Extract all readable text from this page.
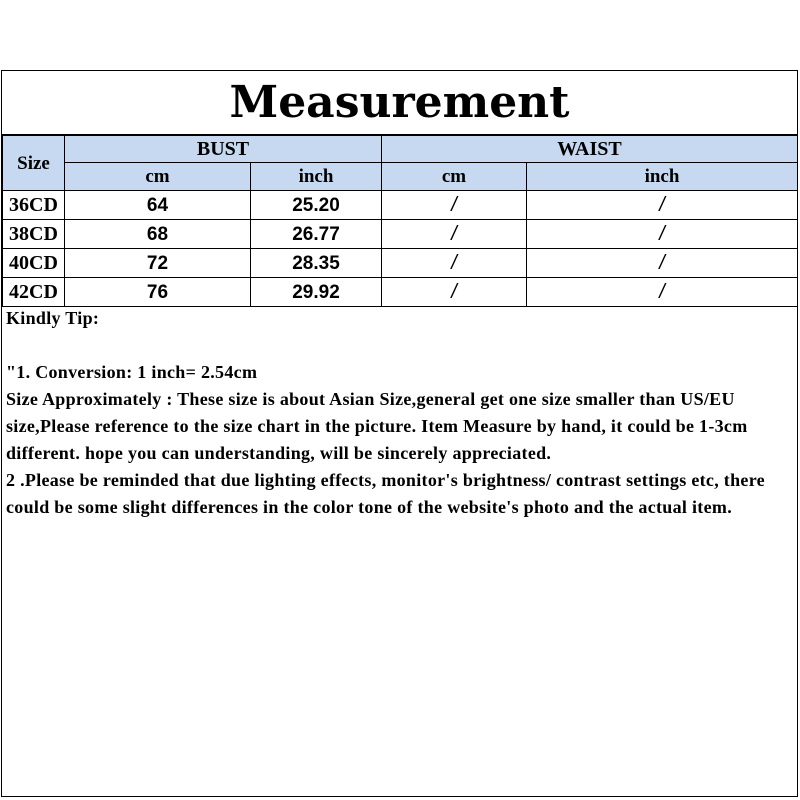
Measurement
Size	BUST		WAIST	
	cm	inch	cm	inch
36CD	64	25.20	/	/
38CD	68	26.77	/	/
40CD	72	28.35	/	/
42CD	76	29.92	/	/

Kindly Tip:

"1. Conversion: 1 inch= 2.54cm

Size Approximately : These size is about Asian Size,general get one size smaller than US/EU size,Please reference to the size chart in the picture. Item Measure by hand, it could be 1-3cm different. hope you can understanding, will be sincerely appreciated.

2 .Please be reminded that due lighting effects, monitor's brightness/ contrast settings etc, there could be some slight differences in the color tone of the website's photo and the actual item.
